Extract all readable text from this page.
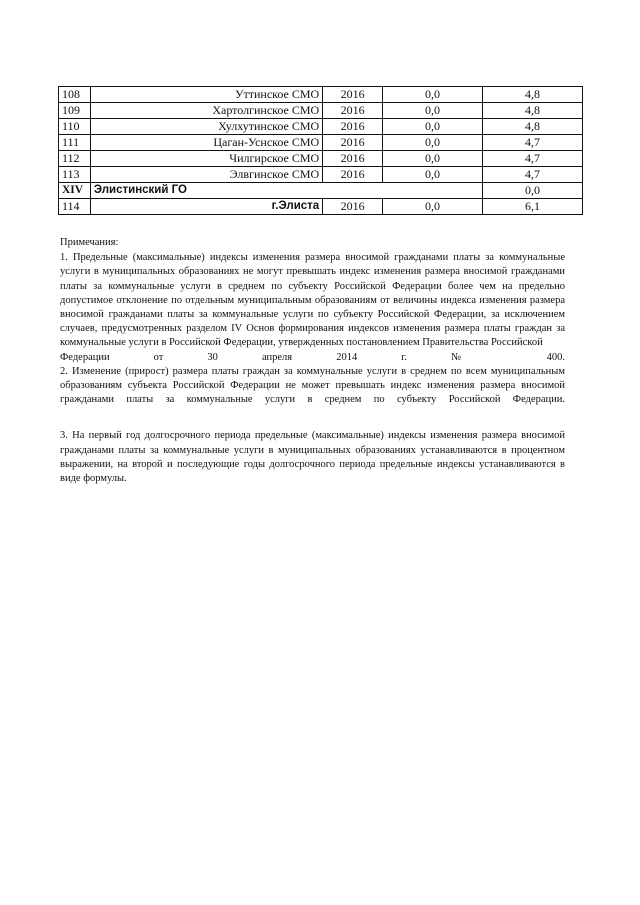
108	Уттинское СМО	2016	0,0	4,8
109	Хартолгинское СМО	2016	0,0	4,8
110	Хулхутинское СМО	2016	0,0	4,8
111	Цаган-Уснское СМО	2016	0,0	4,7
112	Чилгирское СМО	2016	0,0	4,7
113	Элвгинское СМО	2016	0,0	4,7
XIV	Элистинский ГО			0,0
114	г.Элиста	2016	0,0	6,1

Примечания:

1. Предельные (максимальные) индексы изменения размера вносимой гражданами платы за коммунальные услуги в муниципальных образованиях не могут превышать индекс изменения размера вносимой гражданами платы за коммунальные услуги в среднем по субъекту Российской Федерации более чем на предельно допустимое отклонение по отдельным муниципальным образованиям от величины индекса изменения размера вносимой гражданами платы за коммунальные услуги по субъекту Российской Федерации, за исключением случаев, предусмотренных разделом IV Основ формирования индексов изменения размера платы граждан за коммунальные услуги в Российской Федерации, утвержденных постановлением Правительства Российской
Федерации от 30 апреля 2014 г. № 400.

2. Изменение (прирост) размера платы граждан за коммунальные услуги в среднем по всем муниципальным образованиям субъекта Российской Федерации не может превышать индекс изменения размера вносимой гражданами платы за коммунальные услуги в среднем по субъекту Российской Федерации.

3. На первый год долгосрочного периода предельные (максимальные) индексы изменения размера вносимой гражданами платы за коммунальные услуги в муниципальных образованиях устанавливаются в процентном выражении, на второй и последующие годы долгосрочного периода предельные индексы устанавливаются в виде формулы.
